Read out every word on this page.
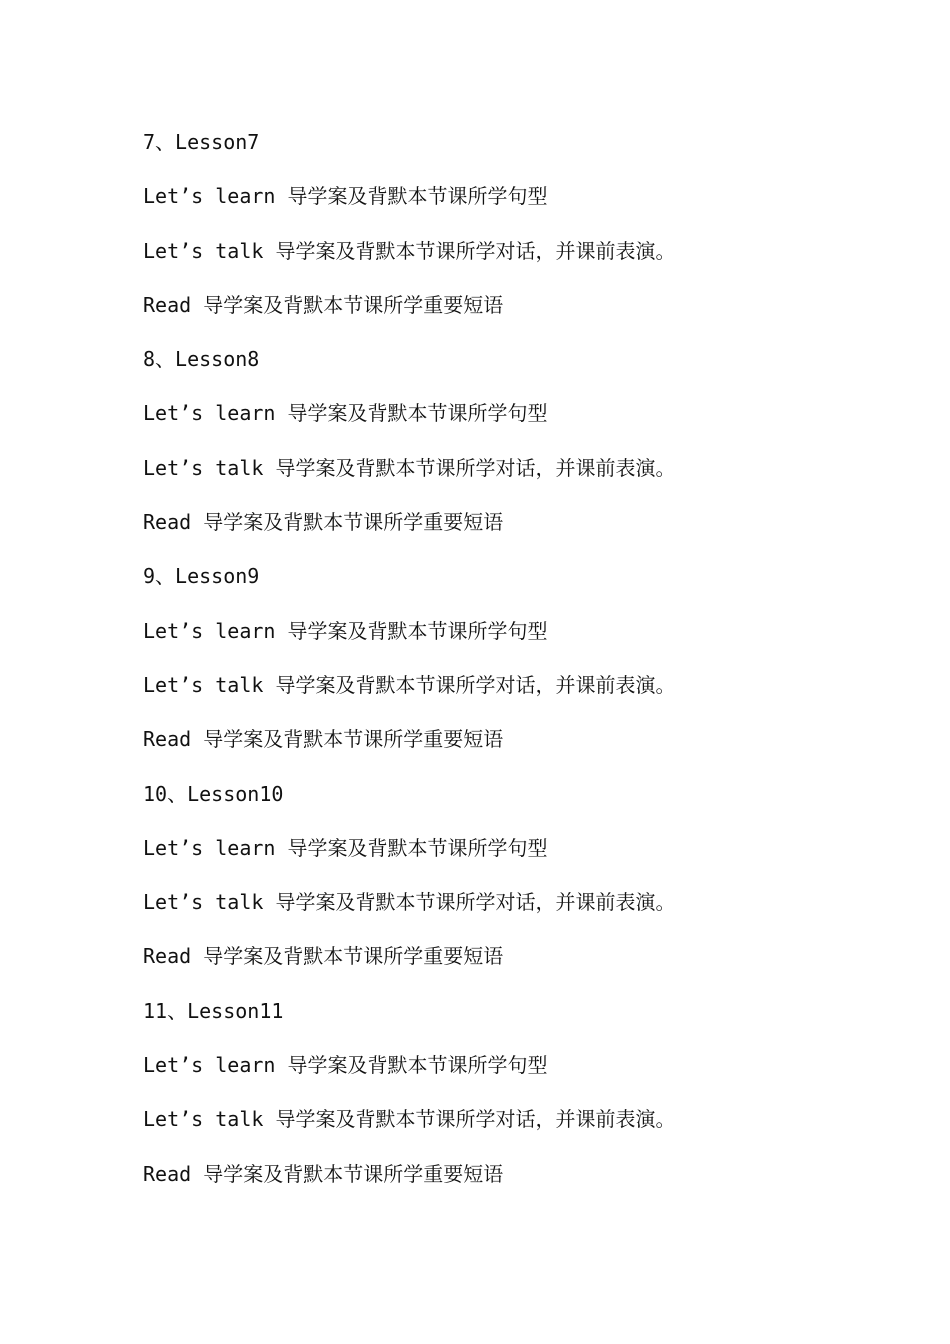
7、Lesson7
Let’s learn 导学案及背默本节课所学句型
Let’s talk 导学案及背默本节课所学对话，并课前表演。
Read 导学案及背默本节课所学重要短语
8、Lesson8
Let’s learn 导学案及背默本节课所学句型
Let’s talk 导学案及背默本节课所学对话，并课前表演。
Read 导学案及背默本节课所学重要短语
9、Lesson9
Let’s learn 导学案及背默本节课所学句型
Let’s talk 导学案及背默本节课所学对话，并课前表演。
Read 导学案及背默本节课所学重要短语
10、Lesson10
Let’s learn 导学案及背默本节课所学句型
Let’s talk 导学案及背默本节课所学对话，并课前表演。
Read 导学案及背默本节课所学重要短语
11、Lesson11
Let’s learn 导学案及背默本节课所学句型
Let’s talk 导学案及背默本节课所学对话，并课前表演。
Read 导学案及背默本节课所学重要短语
